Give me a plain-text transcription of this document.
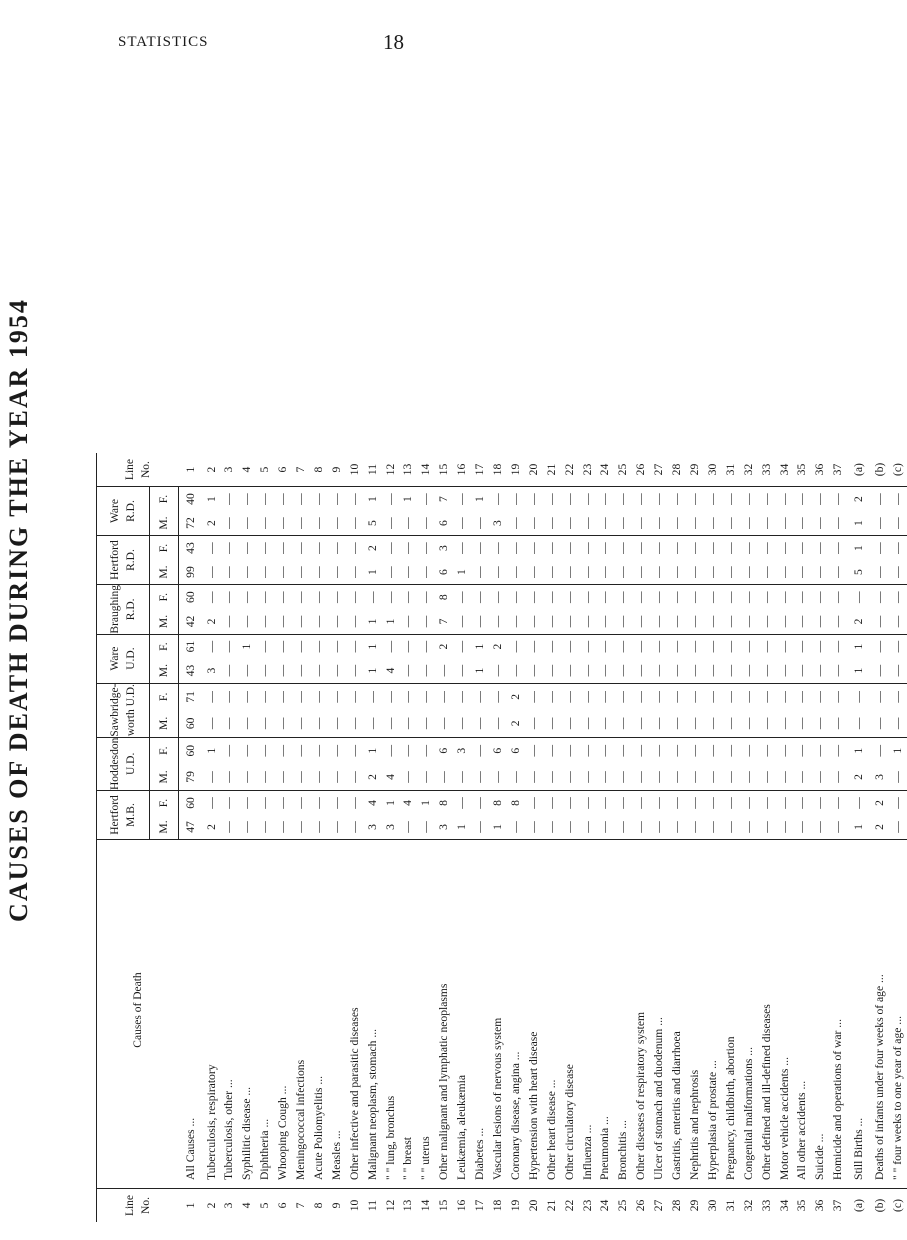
STATISTICS	18
CAUSES OF DEATH DURING THE YEAR 1954
Line No.	Causes of Death	Hertford M.B.		Hoddesdon U.D.		Sawbridge-worth U.D.		Ware U.D.		Braughing R.D.		Hertford R.D.		Ware R.D.		Line No.
		M.	F.	M.	F.	M.	F.	M.	F.	M.	F.	M.	F.	M.	F.	
1	All Causes ...	47	60	79	60	60	71	43	61	42	60	99	43	72	40	1
2	Tuberculosis, respiratory	2	—	—	1	—	—	3	—	2	—	—	—	2	1	2
3	Tuberculosis, other ...	—	—	—	—	—	—	—	—	—	—	—	—	—	—	3
4	Syphilitic disease ...	—	—	—	—	—	—	—	1	—	—	—	—	—	—	4
5	Diphtheria ...	—	—	—	—	—	—	—	—	—	—	—	—	—	—	5
6	Whooping Cough ...	—	—	—	—	—	—	—	—	—	—	—	—	—	—	6
7	Meningococcal infections	—	—	—	—	—	—	—	—	—	—	—	—	—	—	7
8	Acute Poliomyelitis ...	—	—	—	—	—	—	—	—	—	—	—	—	—	—	8
9	Measles ...	—	—	—	—	—	—	—	—	—	—	—	—	—	—	9
10	Other infective and parasitic diseases	—	—	—	—	—	—	—	—	—	—	—	—	—	—	10
11	Malignant neoplasm, stomach ...	3	4	2	1	—	—	1	1	1	—	1	2	5	1	11
12	" " lung, bronchus	3	1	4	—	—	—	4	—	1	—	—	—	—	—	12
13	" " breast	—	4	—	—	—	—	—	—	—	—	—	—	—	1	13
14	" " uterus	—	1	—	—	—	—	—	—	—	—	—	—	—	—	14
15	Other malignant and lymphatic neoplasms	3	8	—	6	—	—	—	2	7	8	6	3	6	7	15
16	Leukæmia, aleukæmia	1	—	—	3	—	—	—	—	—	—	1	—	—	—	16
17	Diabetes ...	—	—	—	—	—	—	1	1	—	—	—	—	—	1	17
18	Vascular lesions of nervous system	1	8	—	6	—	—	—	2	—	—	—	—	3	—	18
19	Coronary disease, angina ...	—	8	—	6	2	2	—	—	—	—	—	—	—	—	19
20	Hypertension with heart disease	—	—	—	—	—	—	—	—	—	—	—	—	—	—	20
21	Other heart disease ...	—	—	—	—	—	—	—	—	—	—	—	—	—	—	21
22	Other circulatory disease	—	—	—	—	—	—	—	—	—	—	—	—	—	—	22
23	Influenza ...	—	—	—	—	—	—	—	—	—	—	—	—	—	—	23
24	Pneumonia ...	—	—	—	—	—	—	—	—	—	—	—	—	—	—	24
25	Bronchitis ...	—	—	—	—	—	—	—	—	—	—	—	—	—	—	25
26	Other diseases of respiratory system	—	—	—	—	—	—	—	—	—	—	—	—	—	—	26
27	Ulcer of stomach and duodenum ...	—	—	—	—	—	—	—	—	—	—	—	—	—	—	27
28	Gastritis, enteritis and diarrhoea	—	—	—	—	—	—	—	—	—	—	—	—	—	—	28
29	Nephritis and nephrosis	—	—	—	—	—	—	—	—	—	—	—	—	—	—	29
30	Hyperplasia of prostate ...	—	—	—	—	—	—	—	—	—	—	—	—	—	—	30
31	Pregnancy, childbirth, abortion	—	—	—	—	—	—	—	—	—	—	—	—	—	—	31
32	Congenital malformations ...	—	—	—	—	—	—	—	—	—	—	—	—	—	—	32
33	Other defined and ill-defined diseases	—	—	—	—	—	—	—	—	—	—	—	—	—	—	33
34	Motor vehicle accidents ...	—	—	—	—	—	—	—	—	—	—	—	—	—	—	34
35	All other accidents ...	—	—	—	—	—	—	—	—	—	—	—	—	—	—	35
36	Suicide ...	—	—	—	—	—	—	—	—	—	—	—	—	—	—	36
37	Homicide and operations of war ...	—	—	—	—	—	—	—	—	—	—	—	—	—	—	37
(a)	Still Births ...	1	—	2	1	—	—	1	1	2	—	5	1	1	2	(a)
(b)	Deaths of infants under four weeks of age ...	2	2	3	—	—	—	—	—	—	—	—	—	—	—	(b)
(c)	" " four weeks to one year of age ...	—	—	—	1	—	—	—	—	—	—	—	—	—	—	(c)
